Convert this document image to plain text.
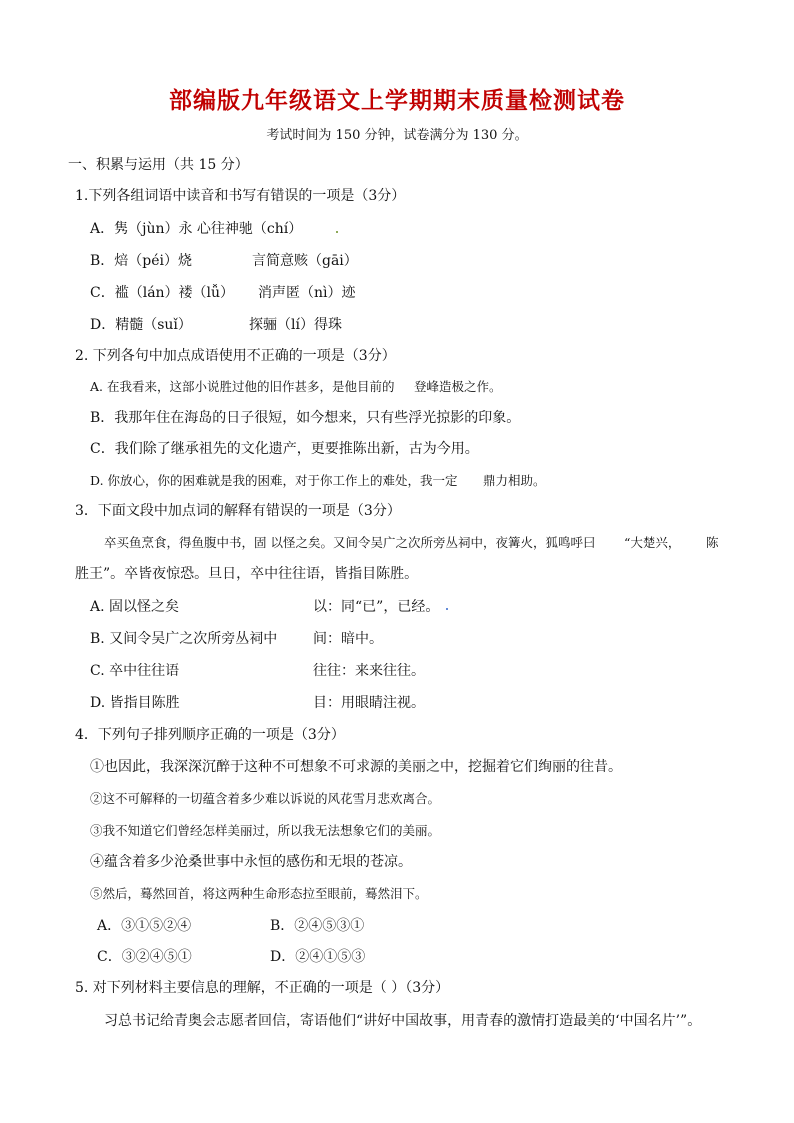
部编版九年级语文上学期期末质量检测试卷
考试时间为 150 分钟，试卷满分为 130 分。
一、积累与运用（共 15 分）
1.下列各组词语中读音和书写有错误的一项是（3分）
A．隽（jùn）永 心往神驰（chí）
B．焙（péi）烧	言简意赅（gāi）
C．褴（lán）褛（lǚ） 消声匿（nì）迹
D．精髓（suǐ）	探骊（lí）得珠
2. 下列各句中加点成语使用不正确的一项是（3分）
A. 在我看来，这部小说胜过他的旧作甚多，是他目前的 登峰造极之作。
B．我那年住在海岛的日子很短，如今想来，只有些浮光掠影的印象。
C．我们除了继承祖先的文化遗产，更要推陈出新，古为今用。
D. 你放心，你的困难就是我的困难，对于你工作上的难处，我一定 鼎力相助。
3．下面文段中加点词的解释有错误的一项是（3分）
卒买鱼烹食，得鱼腹中书，固 以怪之矣。又间令吴广之次所旁丛祠中，夜篝火，狐鸣呼曰 “大楚兴， 陈
胜王”。卒皆夜惊恐。旦日，卒中往往语，皆指目陈胜。
A. 固以怪之矣	以：同“已”，已经。
B. 又间令吴广之次所旁丛祠中	间：暗中。
C. 卒中往往语	往往：来来往往。
D. 皆指目陈胜	目：用眼睛注视。
4．下列句子排列顺序正确的一项是（3分）
①也因此，我深深沉醉于这种不可想象不可求源的美丽之中，挖掘着它们绚丽的往昔。
②这不可解释的一切蕴含着多少难以诉说的风花雪月悲欢离合。
③我不知道它们曾经怎样美丽过，所以我无法想象它们的美丽。
④蕴含着多少沧桑世事中永恒的感伤和无垠的苍凉。
⑤然后，蓦然回首，将这两种生命形态拉至眼前，蓦然泪下。
A．③①⑤②④	B．②④⑤③①
C．③②④⑤①	D．②④①⑤③
5. 对下列材料主要信息的理解，不正确的一项是（ ）（3分）
习总书记给青奥会志愿者回信，寄语他们“讲好中国故事，用青春的激情打造最美的‘中国名片’”。
